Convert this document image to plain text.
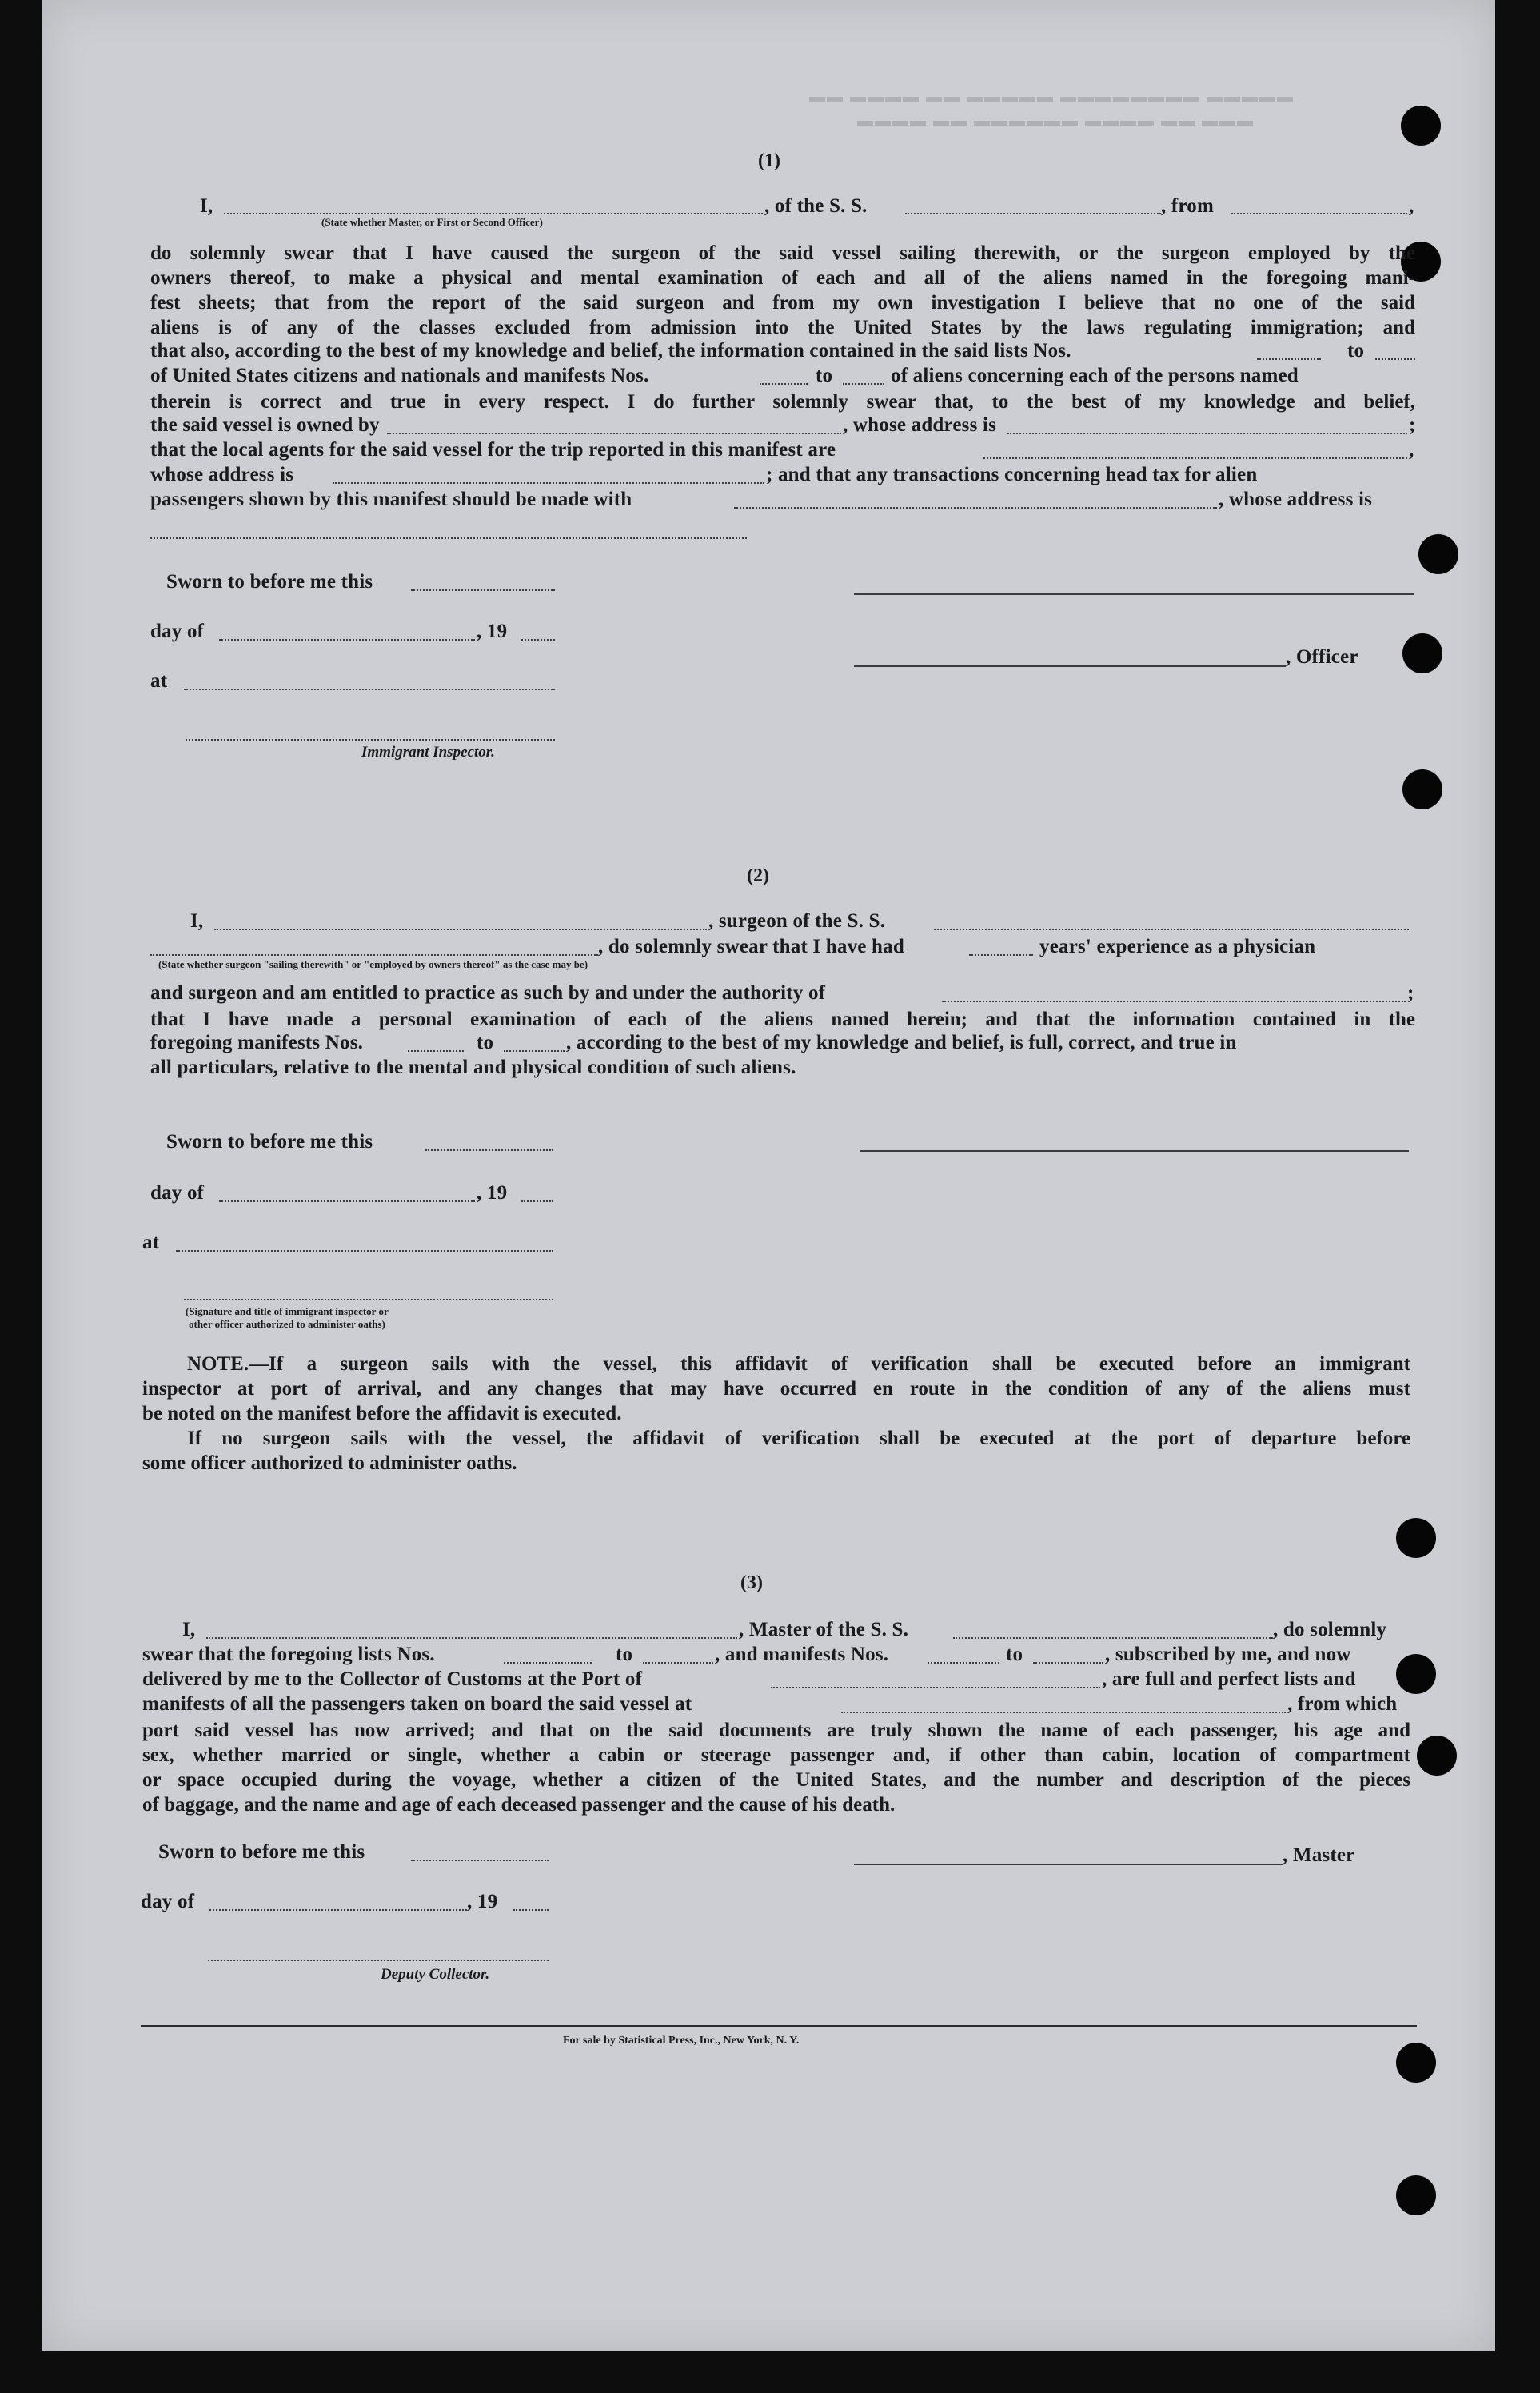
▬▬ ▬▬▬▬ ▬▬ ▬▬▬▬▬ ▬▬▬▬▬▬▬▬ ▬▬▬▬▬
▬▬▬▬ ▬▬ ▬▬▬▬▬▬ ▬▬▬▬ ▬▬ ▬▬▬
(1)
I,	, of the S. S.	, from	,
(State whether Master, or First or Second Officer)
do solemnly swear that I have caused the surgeon of the said vessel sailing therewith, or the surgeon employed by the
owners thereof, to make a physical and mental examination of each and all of the aliens named in the foregoing mani-
fest sheets; that from the report of the said surgeon and from my own investigation I believe that no one of the said
aliens is of any of the classes excluded from admission into the United States by the laws regulating immigration; and
that also, according to the best of my knowledge and belief, the information contained in the said lists Nos.	to
of United States citizens and nationals and manifests Nos.	to	of aliens concerning each of the persons named
therein is correct and true in every respect. I do further solemnly swear that, to the best of my knowledge and belief,
the said vessel is owned by	, whose address is	;
that the local agents for the said vessel for the trip reported in this manifest are	,
whose address is	; and that any transactions concerning head tax for alien
passengers shown by this manifest should be made with	, whose address is
Sworn to before me this
day of	, 19
at
, Officer
Immigrant Inspector.
(2)
I,	, surgeon of the S. S.
, do solemnly swear that I have had	years' experience as a physician
(State whether surgeon "sailing therewith" or "employed by owners thereof" as the case may be)
and surgeon and am entitled to practice as such by and under the authority of	;
that I have made a personal examination of each of the aliens named herein; and that the information contained in the
foregoing manifests Nos.	to	, according to the best of my knowledge and belief, is full, correct, and true in
all particulars, relative to the mental and physical condition of such aliens.
Sworn to before me this
day of	, 19
at
(Signature and title of immigrant inspector or
other officer authorized to administer oaths)
NOTE.—If a surgeon sails with the vessel, this affidavit of verification shall be executed before an immigrant
inspector at port of arrival, and any changes that may have occurred en route in the condition of any of the aliens must
be noted on the manifest before the affidavit is executed.
If no surgeon sails with the vessel, the affidavit of verification shall be executed at the port of departure before
some officer authorized to administer oaths.
(3)
I,	, Master of the S. S.	, do solemnly
swear that the foregoing lists Nos.	to	, and manifests Nos.	to	, subscribed by me, and now
delivered by me to the Collector of Customs at the Port of	, are full and perfect lists and
manifests of all the passengers taken on board the said vessel at	, from which
port said vessel has now arrived; and that on the said documents are truly shown the name of each passenger, his age and
sex, whether married or single, whether a cabin or steerage passenger and, if other than cabin, location of compartment
or space occupied during the voyage, whether a citizen of the United States, and the number and description of the pieces
of baggage, and the name and age of each deceased passenger and the cause of his death.
Sworn to before me this	, Master
day of	, 19
Deputy Collector.
For sale by Statistical Press, Inc., New York, N. Y.
